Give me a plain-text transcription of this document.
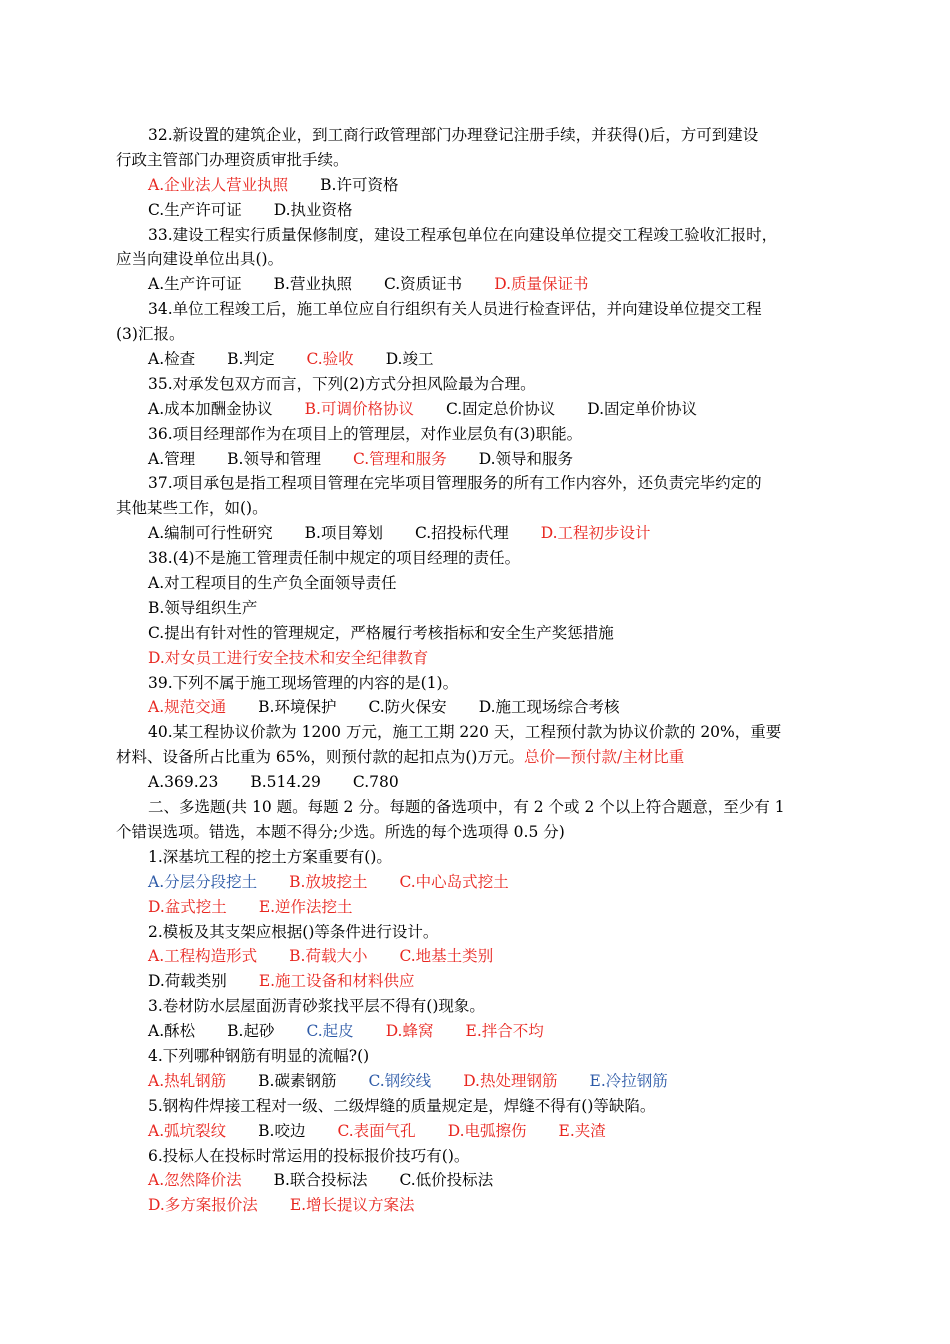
32.新设置的建筑企业，到工商行政管理部门办理登记注册手续，并获得()后，方可到建设
行政主管部门办理资质审批手续。
A.企业法人营业执照 B.许可资格
C.生产许可证 D.执业资格
33.建设工程实行质量保修制度，建设工程承包单位在向建设单位提交工程竣工验收汇报时，
应当向建设单位出具()。
A.生产许可证 B.营业执照 C.资质证书 D.质量保证书
34.单位工程竣工后，施工单位应自行组织有关人员进行检查评估，并向建设单位提交工程
(3)汇报。
A.检查 B.判定 C.验收 D.竣工
35.对承发包双方而言，下列(2)方式分担风险最为合理。
A.成本加酬金协议 B.可调价格协议 C.固定总价协议 D.固定单价协议
36.项目经理部作为在项目上的管理层，对作业层负有(3)职能。
A.管理 B.领导和管理 C.管理和服务 D.领导和服务
37.项目承包是指工程项目管理在完毕项目管理服务的所有工作内容外，还负责完毕约定的
其他某些工作，如()。
A.编制可行性研究 B.项目筹划 C.招投标代理 D.工程初步设计
38.(4)不是施工管理责任制中规定的项目经理的责任。
A.对工程项目的生产负全面领导责任
B.领导组织生产
C.提出有针对性的管理规定，严格履行考核指标和安全生产奖惩措施
D.对女员工进行安全技术和安全纪律教育
39.下列不属于施工现场管理的内容的是(1)。
A.规范交通 B.环境保护 C.防火保安 D.施工现场综合考核
40.某工程协议价款为 1200 万元，施工工期 220 天，工程预付款为协议价款的 20%，重要
材料、设备所占比重为 65%，则预付款的起扣点为()万元。总价—预付款/主材比重
A.369.23 B.514.29 C.780
二、多选题(共 10 题。每题 2 分。每题的备选项中，有 2 个或 2 个以上符合题意，至少有 1
个错误选项。错选，本题不得分;少选。所选的每个选项得 0.5 分)
1.深基坑工程的挖土方案重要有()。
A.分层分段挖土 B.放坡挖土 C.中心岛式挖土
D.盆式挖土 E.逆作法挖土
2.模板及其支架应根据()等条件进行设计。
A.工程构造形式 B.荷载大小 C.地基土类别
D.荷载类别 E.施工设备和材料供应
3.卷材防水层屋面沥青砂浆找平层不得有()现象。
A.酥松 B.起砂 C.起皮 D.蜂窝 E.拌合不均
4.下列哪种钢筋有明显的流幅?()
A.热轧钢筋 B.碳素钢筋 C.钢绞线 D.热处理钢筋 E.冷拉钢筋
5.钢构件焊接工程对一级、二级焊缝的质量规定是，焊缝不得有()等缺陷。
A.弧坑裂纹 B.咬边 C.表面气孔 D.电弧擦伤 E.夹渣
6.投标人在投标时常运用的投标报价技巧有()。
A.忽然降价法 B.联合投标法 C.低价投标法
D.多方案报价法 E.增长提议方案法
